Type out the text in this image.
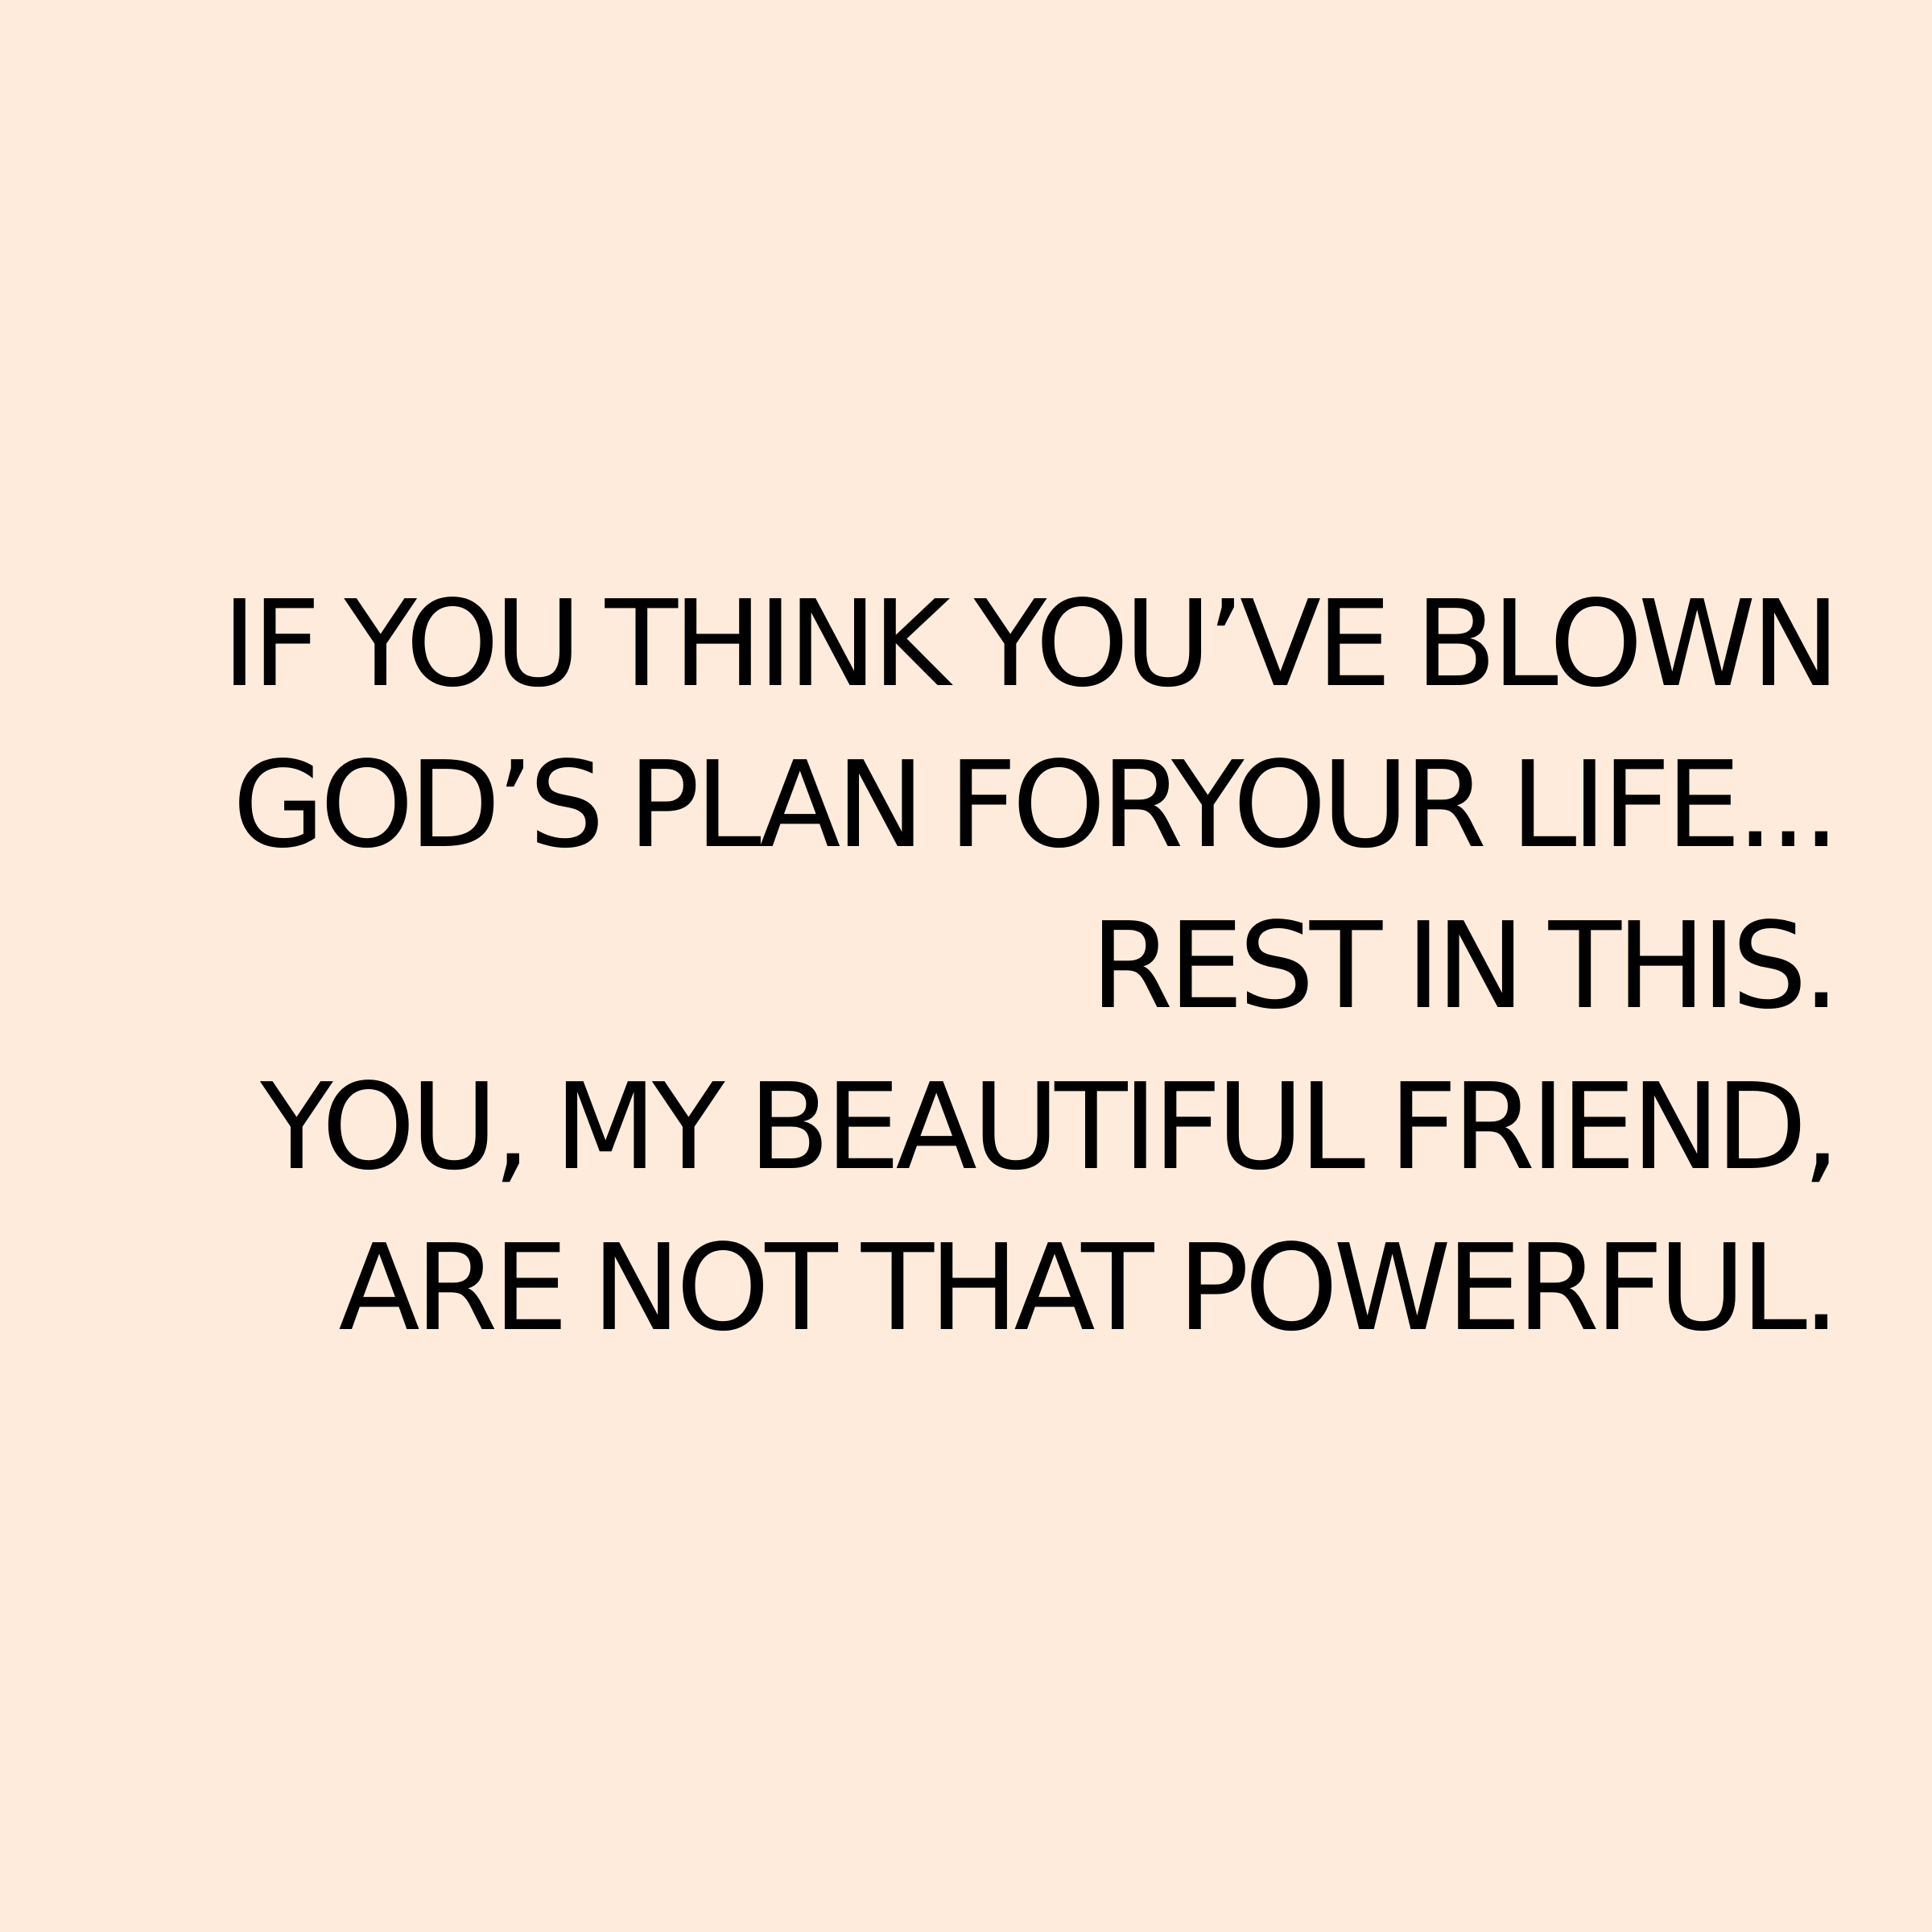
IF YOU THINK YOU’VE BLOWN
GOD’S PLAN FORYOUR LIFE...
REST IN THIS.
YOU, MY BEAUTIFUL FRIEND,
ARE NOT THAT POWERFUL.
